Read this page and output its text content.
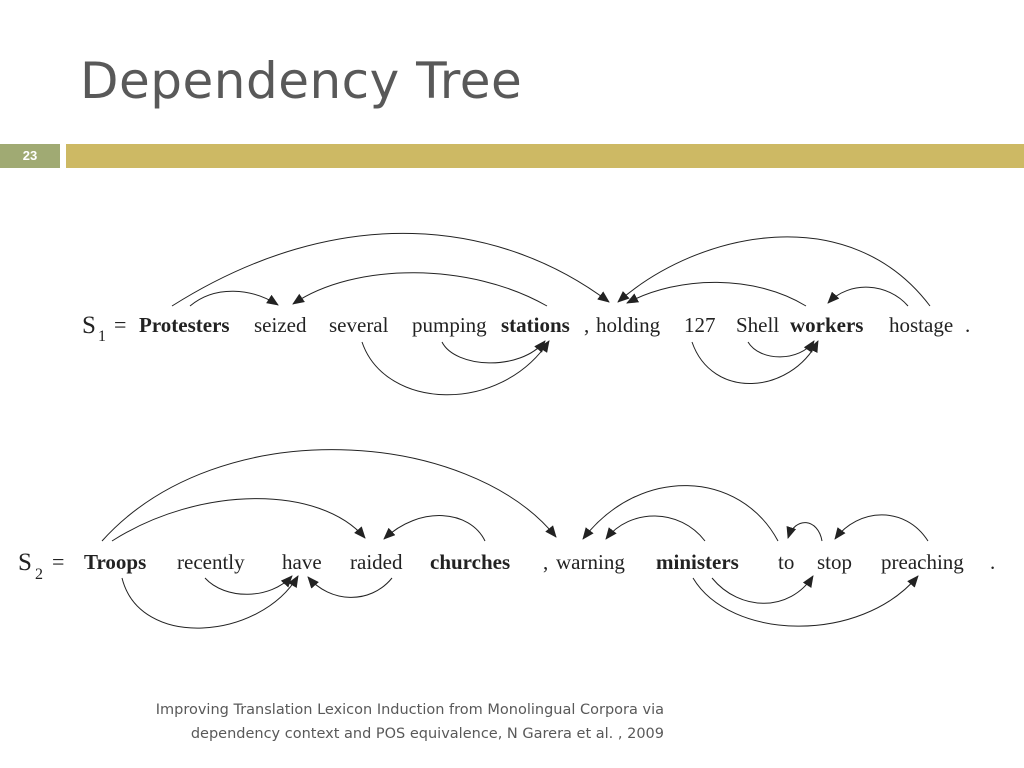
Dependency Tree
23
S 1 = Protesters seized several pumping stations , holding 127 Shell workers hostage .
S 2
= Troops recently have raided churches , warning ministers to stop preaching .
Improving Translation Lexicon Induction from Monolingual Corpora via
dependency context and POS equivalence, N Garera et al. , 2009
